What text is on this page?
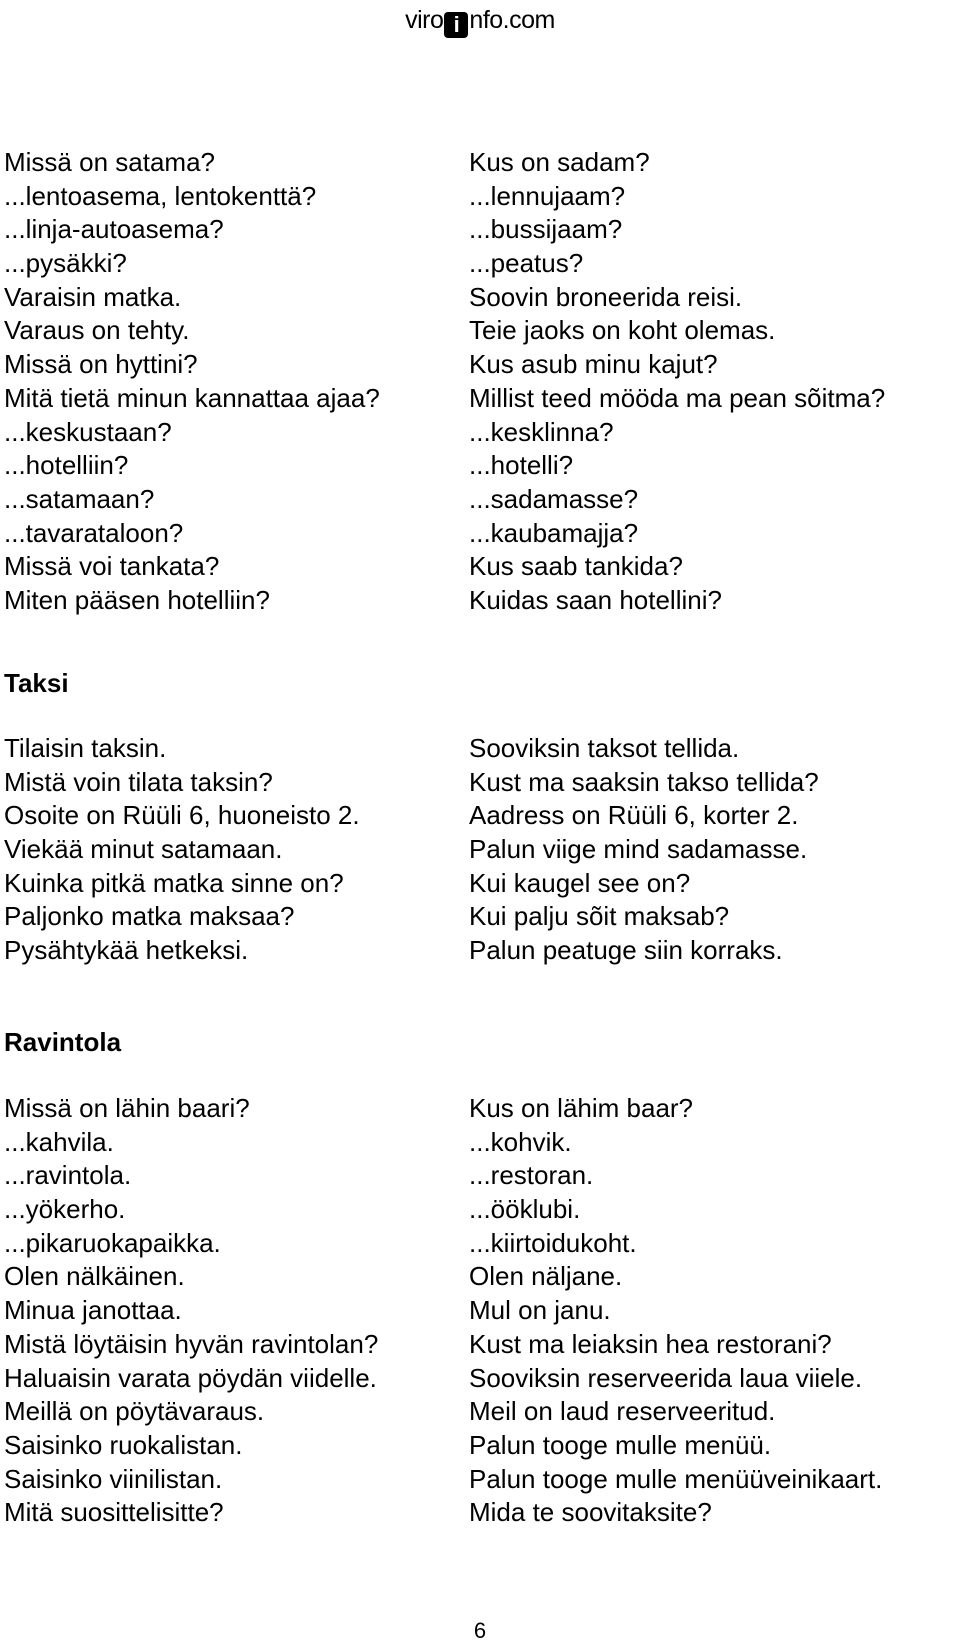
viro i nfo.com
Missä on satama?	Kus on sadam?
...lentoasema, lentokenttä?	...lennujaam?
...linja-autoasema?	...bussijaam?
...pysäkki?	...peatus?
Varaisin matka.	Soovin broneerida reisi.
Varaus on tehty.	Teie jaoks on koht olemas.
Missä on hyttini?	Kus asub minu kajut?
Mitä tietä minun kannattaa ajaa?	Millist teed mööda ma pean sõitma?
...keskustaan?	...kesklinna?
...hotelliin?	...hotelli?
...satamaan?	...sadamasse?
...tavarataloon?	...kaubamajja?
Missä voi tankata?	Kus saab tankida?
Miten pääsen hotelliin?	Kuidas saan hotellini?
Taksi
Tilaisin taksin.	Sooviksin taksot tellida.
Mistä voin tilata taksin?	Kust ma saaksin takso tellida?
Osoite on Rüüli 6, huoneisto 2.	Aadress on Rüüli 6, korter 2.
Viekää minut satamaan.	Palun viige mind sadamasse.
Kuinka pitkä matka sinne on?	Kui kaugel see on?
Paljonko matka maksaa?	Kui palju sõit maksab?
Pysähtykää hetkeksi.	Palun peatuge siin korraks.
Ravintola
Missä on lähin baari?	Kus on lähim baar?
...kahvila.	...kohvik.
...ravintola.	...restoran.
...yökerho.	...ööklubi.
...pikaruokapaikka.	...kiirtoidukoht.
Olen nälkäinen.	Olen näljane.
Minua janottaa.	Mul on janu.
Mistä löytäisin hyvän ravintolan?	Kust ma leiaksin hea restorani?
Haluaisin varata pöydän viidelle.	Sooviksin reserveerida laua viiele.
Meillä on pöytävaraus.	Meil on laud reserveeritud.
Saisinko ruokalistan.	Palun tooge mulle menüü.
Saisinko viinilistan.	Palun tooge mulle menüüveinikaart.
Mitä suosittelisitte?	Mida te soovitaksite?
6
